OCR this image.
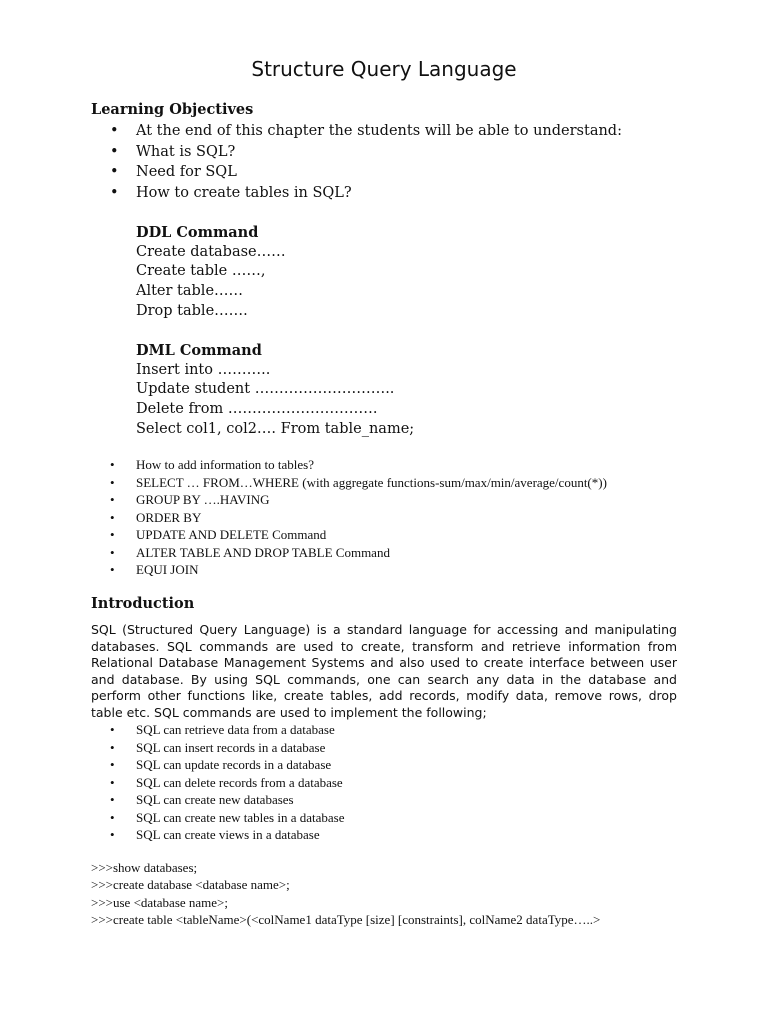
Structure Query Language
Learning Objectives
• At the end of this chapter the students will be able to understand:
• What is SQL?
• Need for SQL
• How to create tables in SQL?
DDL Command
Create database……
Create table ……,
Alter table……
Drop table…….
DML Command
Insert into ………..
Update student ………………………..
Delete from ………………………….
Select col1, col2…. From table_name;
• How to add information to tables?
• SELECT … FROM…WHERE (with aggregate functions-sum/max/min/average/count(*))
• GROUP BY ….HAVING
• ORDER BY
• UPDATE AND DELETE Command
• ALTER TABLE AND DROP TABLE Command
• EQUI JOIN
Introduction

SQL (Structured Query Language) is a standard language for accessing and manipulating databases. SQL commands are used to create, transform and retrieve information from Relational Database Management Systems and also used to create interface between user and database. By using SQL commands, one can search any data in the database and perform other functions like, create tables, add records, modify data, remove rows, drop table etc. SQL commands are used to implement the following;

• SQL can retrieve data from a database
• SQL can insert records in a database
• SQL can update records in a database
• SQL can delete records from a database
• SQL can create new databases
• SQL can create new tables in a database
• SQL can create views in a database
>>>show databases;
>>>create database <database name>;
>>>use <database name>;
>>>create table <tableName>(<colName1 dataType [size] [constraints], colName2 dataType…..>
